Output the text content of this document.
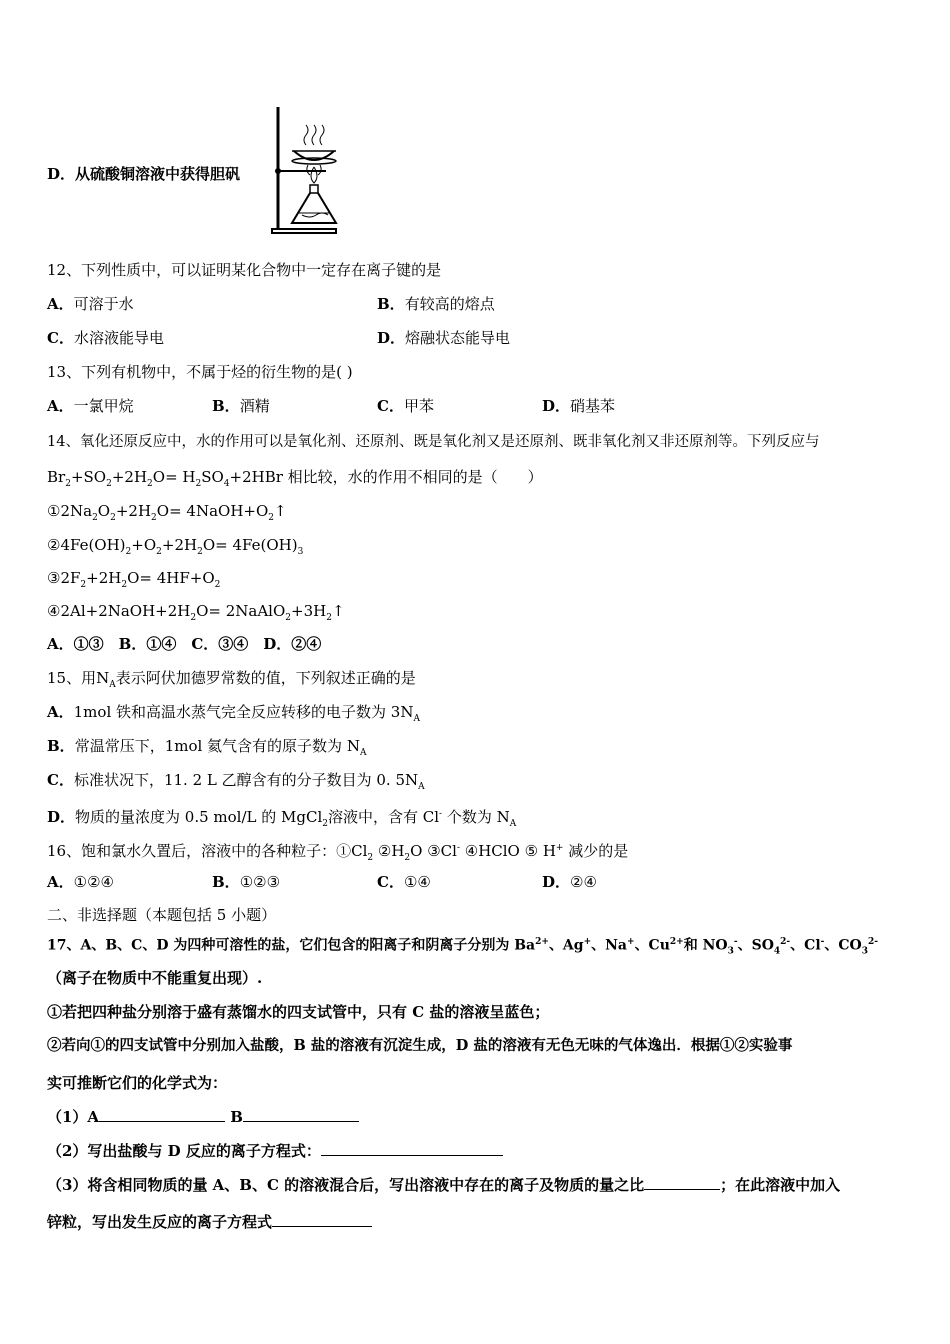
D．从硫酸铜溶液中获得胆矾
12、下列性质中，可以证明某化合物中一定存在离子键的是
A．可溶于水	B．有较高的熔点
C．水溶液能导电	D．熔融状态能导电
13、下列有机物中，不属于烃的衍生物的是( )
A．一氯甲烷	B．酒精	C．甲苯	D．硝基苯
14、氧化还原反应中，水的作用可以是氧化剂、还原剂、既是氧化剂又是还原剂、既非氧化剂又非还原剂等。下列反应与
$Br_2+SO_2+2H_2O= H_2SO_4+2HBr$ 相比较，水的作用不相同的是（　　）
$①2Na_2O_2+2H_2O=$ $4NaOH+O_2↑$
$②4Fe(OH)_2+O_2+2H_2O= 4Fe(OH)_3$
$③2F_2+2H_2O= 4HF+O_2$
$④2Al+2NaOH+2H_2O=$ $2NaAlO_2+3H_2↑$
A．①③　B．①④　C．③④　D．②④
15、用$N_A$表示阿伏加德罗常数的值，下列叙述正确的是
A．1mol 铁和高温水蒸气完全反应转移的电子数为 $3N_A$
B．常温常压下，1mol 氦气含有的原子数为 $N_A$
C．标准状况下，11. 2 L 乙醇含有的分子数目为 0. $5N_A$
D．物质的量浓度为 0.5 mol/L 的 MgCl$_2$溶液中，含有 Cl- 个数为 $N_A$
16、饱和氯水久置后，溶液中的各种粒子：$①Cl_2$ $②H_2O$ ③Cl- ④HClO ⑤ H+ 减少的是
A．①②④	B．①②③	C．①④	D．②④
二、非选择题（本题包括 5 小题）
17、A、B、C、D 为四种可溶性的盐，它们包含的阳离子和阴离子分别为 $Ba^{2+}$、Ag+、Na+、$Cu^{2+}$和 $NO_3^-$、$SO_4^{2-}$、Cl-、$CO_3^{2-}$
（离子在物质中不能重复出现）.
①若把四种盐分别溶于盛有蒸馏水的四支试管中，只有 C 盐的溶液呈蓝色；
②若向①的四支试管中分别加入盐酸，B 盐的溶液有沉淀生成，D 盐的溶液有无色无味的气体逸出．根据①②实验事
实可推断它们的化学式为：
（1）A	B
（2）写出盐酸与 D 反应的离子方程式：
（3）将含相同物质的量 A、B、C 的溶液混合后，写出溶液中存在的离子及物质的量之比	；在此溶液中加入
锌粒，写出发生反应的离子方程式
